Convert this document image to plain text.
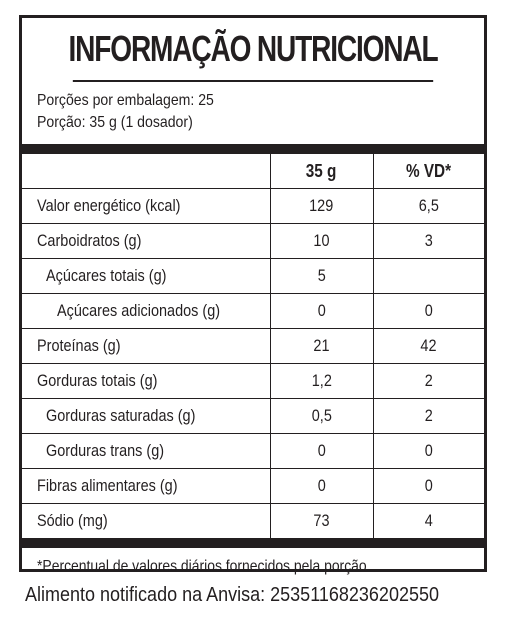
INFORMAÇÃO NUTRICIONAL
Porções por embalagem: 25
Porção: 35 g (1 dosador)
	35 g	% VD*
Valor energético (kcal)	129	6,5
Carboidratos (g)	10	3
Açúcares totais (g)	5	
Açúcares adicionados (g)	0	0
Proteínas (g)	21	42
Gorduras totais (g)	1,2	2
Gorduras saturadas (g)	0,5	2
Gorduras trans (g)	0	0
Fibras alimentares (g)	0	0
Sódio (mg)	73	4
*Percentual de valores diários fornecidos pela porção.
Alimento notificado na Anvisa: 25351168236202550
